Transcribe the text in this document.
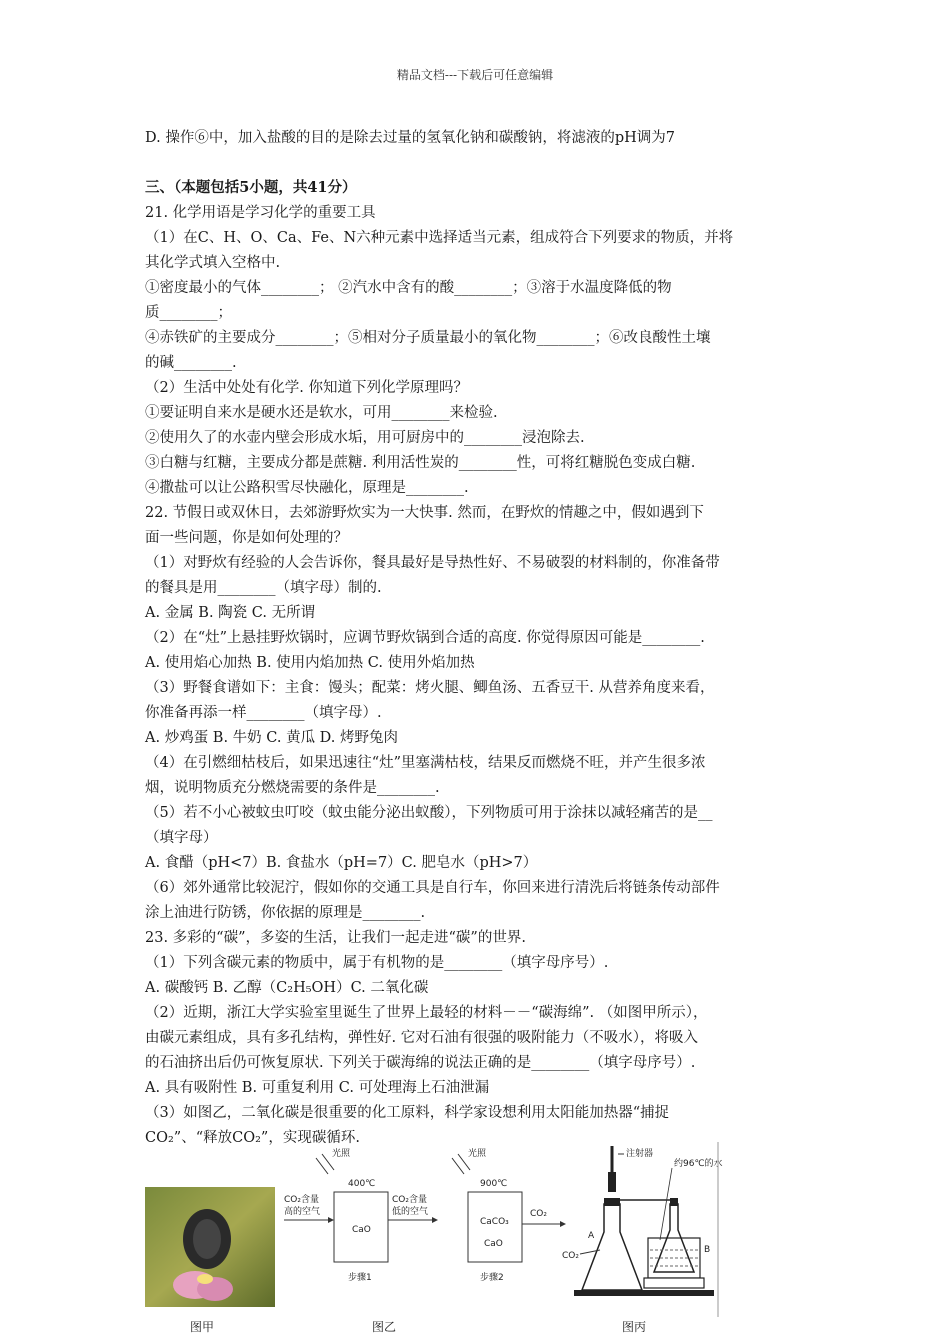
精品文档---下载后可任意编辑
D. 操作⑥中，加入盐酸的目的是除去过量的氢氧化钠和碳酸钠，将滤液的pH调为7
三、（本题包括5小题，共41分）
21. 化学用语是学习化学的重要工具
（1）在C、H、O、Ca、Fe、N六种元素中选择适当元素，组成符合下列要求的物质，并将
其化学式填入空格中.
①密度最小的气体________； ②汽水中含有的酸________；③溶于水温度降低的物
质________；
④赤铁矿的主要成分________；⑤相对分子质量最小的氧化物________；⑥改良酸性土壤
的碱________.
（2）生活中处处有化学. 你知道下列化学原理吗？
①要证明自来水是硬水还是软水，可用________来检验.
②使用久了的水壶内壁会形成水垢，用可厨房中的________浸泡除去.
③白糖与红糖，主要成分都是蔗糖. 利用活性炭的________性，可将红糖脱色变成白糖.
④撒盐可以让公路积雪尽快融化，原理是________.
22. 节假日或双休日，去郊游野炊实为一大快事. 然而，在野炊的情趣之中，假如遇到下
面一些问题，你是如何处理的？
（1）对野炊有经验的人会告诉你，餐具最好是导热性好、不易破裂的材料制的，你准备带
的餐具是用________（填字母）制的.
A. 金属 B. 陶瓷 C. 无所谓
（2）在“灶”上悬挂野炊锅时，应调节野炊锅到合适的高度. 你觉得原因可能是________.
A. 使用焰心加热 B. 使用内焰加热 C. 使用外焰加热
（3）野餐食谱如下：主食：馒头；配菜：烤火腿、鲫鱼汤、五香豆干. 从营养角度来看，
你准备再添一样________（填字母）.
A. 炒鸡蛋 B. 牛奶 C. 黄瓜 D. 烤野兔肉
（4）在引燃细枯枝后，如果迅速往“灶”里塞满枯枝，结果反而燃烧不旺，并产生很多浓
烟，说明物质充分燃烧需要的条件是________.
（5）若不小心被蚊虫叮咬（蚊虫能分泌出蚁酸），下列物质可用于涂抹以减轻痛苦的是__
（填字母）
A. 食醋（pH<7）B. 食盐水（pH=7）C. 肥皂水（pH>7）
（6）郊外通常比较泥泞，假如你的交通工具是自行车，你回来进行清洗后将链条传动部件
涂上油进行防锈，你依据的原理是________.
23. 多彩的“碳”，多姿的生活，让我们一起走进“碳”的世界.
（1）下列含碳元素的物质中，属于有机物的是________（填字母序号）.
A. 碳酸钙 B. 乙醇（C₂H₅OH）C. 二氧化碳
（2）近期，浙江大学实验室里诞生了世界上最轻的材料－－“碳海绵”. （如图甲所示），
由碳元素组成，具有多孔结构，弹性好. 它对石油有很强的吸附能力（不吸水），将吸入
的石油挤出后仍可恢复原状. 下列关于碳海绵的说法正确的是________（填字母序号）.
A. 具有吸附性 B. 可重复利用 C. 可处理海上石油泄漏
（3）如图乙，二氧化碳是很重要的化工原料，科学家设想利用太阳能加热器“捕捉
CO₂”、“释放CO₂”，实现碳循环.
图甲
光照
400℃
CO₂含量
高的空气
CaO
步骤1
CO₂含量
低的空气
光照
900℃
CaCO₃
CaO
步骤2
CO₂
图乙
注射器
约96℃的水
A
B
CO₂
图丙
